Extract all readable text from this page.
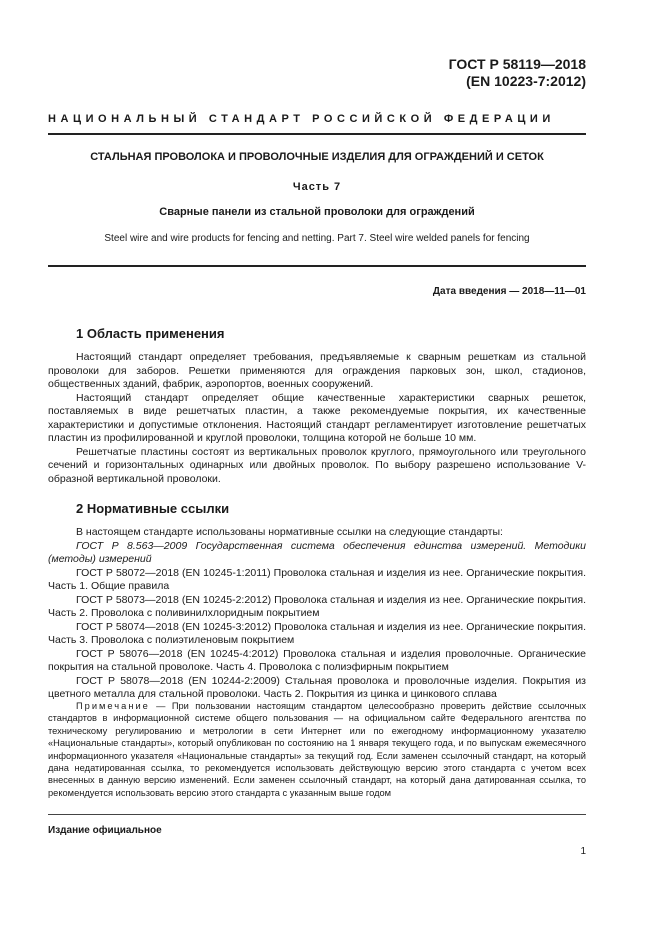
ГОСТ Р 58119—2018
(EN 10223-7:2012)
НАЦИОНАЛЬНЫЙ СТАНДАРТ РОССИЙСКОЙ ФЕДЕРАЦИИ
СТАЛЬНАЯ ПРОВОЛОКА И ПРОВОЛОЧНЫЕ ИЗДЕЛИЯ ДЛЯ ОГРАЖДЕНИЙ И СЕТОК
Часть 7
Сварные панели из стальной проволоки для ограждений
Steel wire and wire products for fencing and netting. Part 7. Steel wire welded panels for fencing
Дата введения — 2018—11—01
1 Область применения

Настоящий стандарт определяет требования, предъявляемые к сварным решеткам из стальной проволоки для заборов. Решетки применяются для ограждения парковых зон, школ, стадионов, общественных зданий, фабрик, аэропортов, военных сооружений.

Настоящий стандарт определяет общие качественные характеристики сварных решеток, поставляемых в виде решетчатых пластин, а также рекомендуемые покрытия, их качественные характеристики и допустимые отклонения. Настоящий стандарт регламентирует изготовление решетчатых пластин из профилированной и круглой проволоки, толщина которой не больше 10 мм.

Решетчатые пластины состоят из вертикальных проволок круглого, прямоугольного или треугольного сечений и горизонтальных одинарных или двойных проволок. По выбору разрешено использование V-образной вертикальной проволоки.

2 Нормативные ссылки

В настоящем стандарте использованы нормативные ссылки на следующие стандарты:

ГОСТ Р 8.563—2009 Государственная система обеспечения единства измерений. Методики (методы) измерений

ГОСТ Р 58072—2018 (EN 10245-1:2011) Проволока стальная и изделия из нее. Органические покрытия. Часть 1. Общие правила

ГОСТ Р 58073—2018 (EN 10245-2:2012) Проволока стальная и изделия из нее. Органические покрытия. Часть 2. Проволока с поливинилхлоридным покрытием

ГОСТ Р 58074—2018 (EN 10245-3:2012) Проволока стальная и изделия из нее. Органические покрытия. Часть 3. Проволока с полиэтиленовым покрытием

ГОСТ Р 58076—2018 (EN 10245-4:2012) Проволока стальная и изделия проволочные. Органические покрытия на стальной проволоке. Часть 4. Проволока с полиэфирным покрытием

ГОСТ Р 58078—2018 (EN 10244-2:2009) Стальная проволока и проволочные изделия. Покрытия из цветного металла для стальной проволоки. Часть 2. Покрытия из цинка и цинкового сплава

Примечание — При пользовании настоящим стандартом целесообразно проверить действие ссылочных стандартов в информационной системе общего пользования — на официальном сайте Федерального агентства по техническому регулированию и метрологии в сети Интернет или по ежегодному информационному указателю «Национальные стандарты», который опубликован по состоянию на 1 января текущего года, и по выпускам ежемесячного информационного указателя «Национальные стандарты» за текущий год. Если заменен ссылочный стандарт, на который дана недатированная ссылка, то рекомендуется использовать действующую версию этого стандарта с учетом всех внесенных в данную версию изменений. Если заменен ссылочный стандарт, на который дана датированная ссылка, то рекомендуется использовать версию этого стандарта с указанным выше годом

Издание официальное
1
